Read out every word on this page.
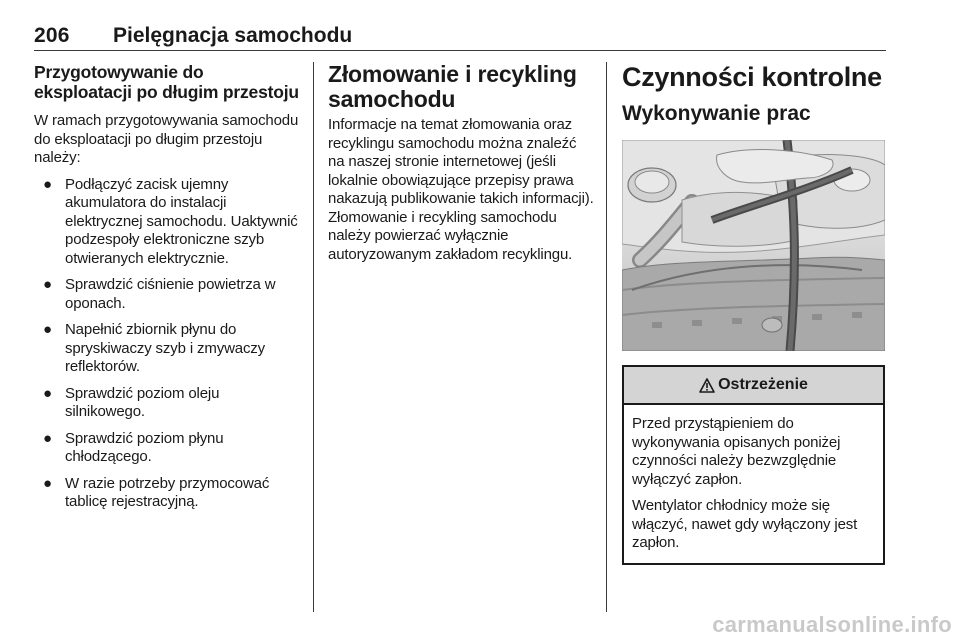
206 Pielęgnacja samochodu
Przygotowywanie do eksploatacji po długim przestoju

W ramach przygotowywania samochodu do eksploatacji po długim przestoju należy:

● Podłączyć zacisk ujemny akumulatora do instalacji elektrycznej samochodu. Uaktywnić podzespoły elektroniczne szyb otwieranych elektrycznie.
● Sprawdzić ciśnienie powietrza w oponach.
● Napełnić zbiornik płynu do spryskiwaczy szyb i zmywaczy reflektorów.
● Sprawdzić poziom oleju silnikowego.
● Sprawdzić poziom płynu chłodzącego.
● W razie potrzeby przymocować tablicę rejestracyjną.
Złomowanie i recykling samochodu

Informacje na temat złomowania oraz recyklingu samochodu można znaleźć na naszej stronie internetowej (jeśli lokalnie obowiązujące przepisy prawa nakazują publikowanie takich informacji). Złomowanie i recykling samochodu należy powierzać wyłącznie autoryzowanym zakładom recyklingu.

Czynności kontrolne
Wykonywanie prac
Ostrzeżenie

Przed przystąpieniem do wykonywania opisanych poniżej czynności należy bezwzględnie wyłączyć zapłon.

Wentylator chłodnicy może się włączyć, nawet gdy wyłączony jest zapłon.

carmanualsonline.info
